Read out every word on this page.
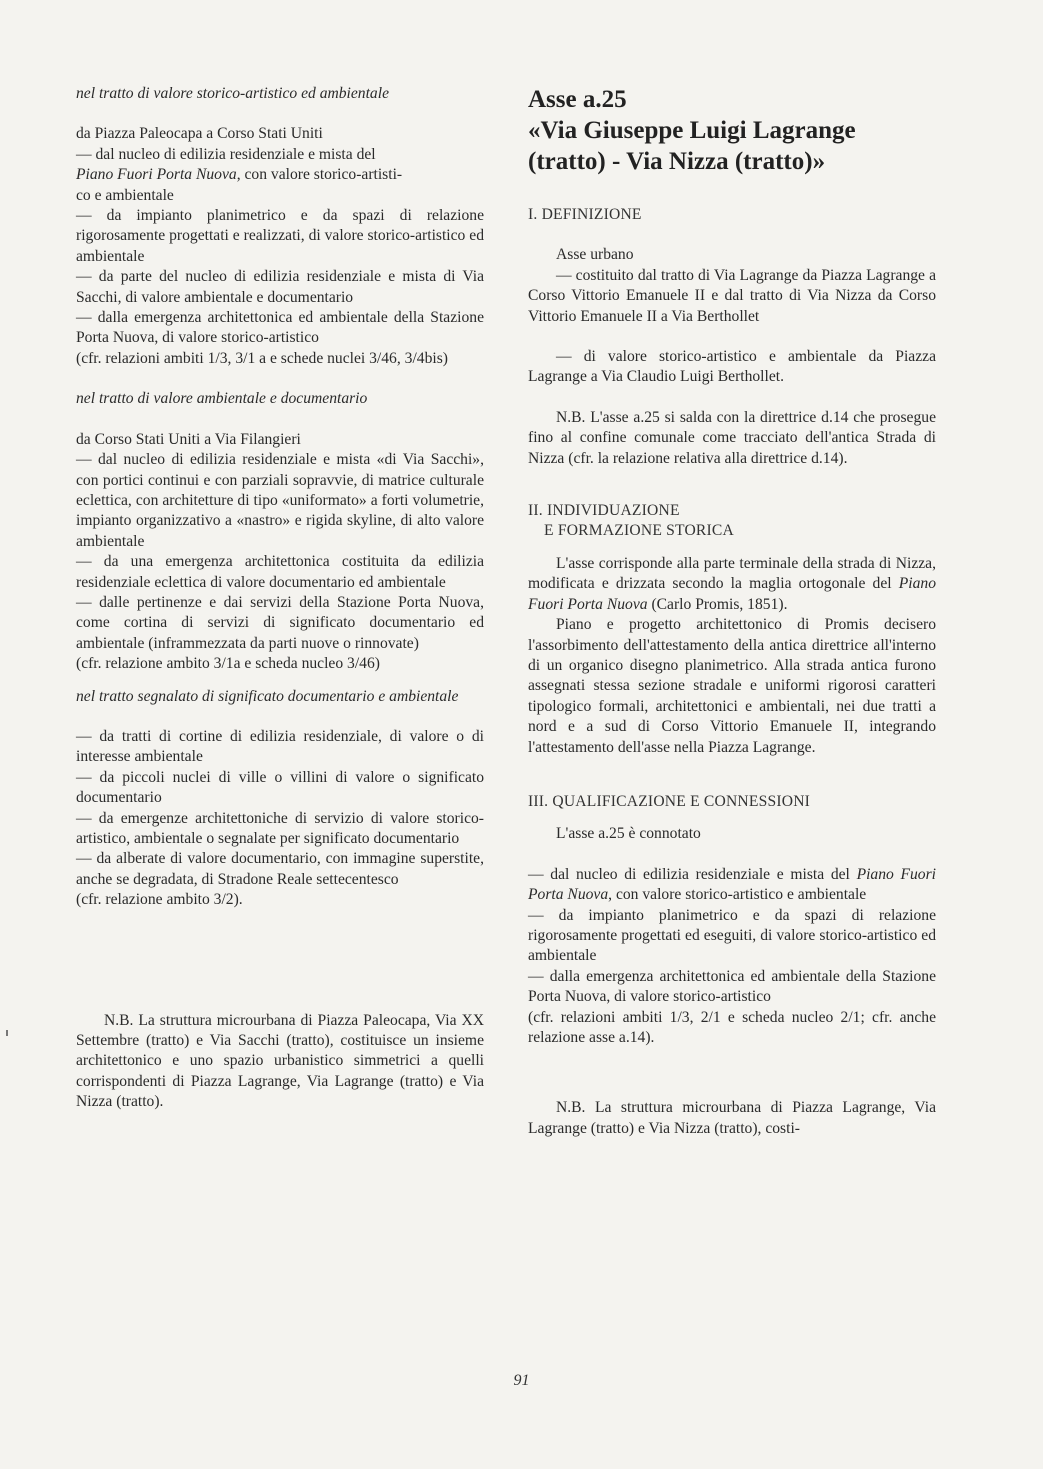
nel tratto di valore storico-artistico ed ambientale

da Piazza Paleocapa a Corso Stati Uniti

— dal nucleo di edilizia residenziale e mista del

Piano Fuori Porta Nuova, con valore storico-artisti-

co e ambientale

— da impianto planimetrico e da spazi di relazione rigorosamente progettati e realizzati, di valore storico-artistico ed ambientale

— da parte del nucleo di edilizia residenziale e mista di Via Sacchi, di valore ambientale e documentario

— dalla emergenza architettonica ed ambientale della Stazione Porta Nuova, di valore storico-artistico

(cfr. relazioni ambiti 1/3, 3/1 a e schede nuclei 3/46, 3/4bis)

nel tratto di valore ambientale e documentario

da Corso Stati Uniti a Via Filangieri

— dal nucleo di edilizia residenziale e mista «di Via Sacchi», con portici continui e con parziali sopravvie, di matrice culturale eclettica, con architetture di tipo «uniformato» a forti volumetrie, impianto organizzativo a «nastro» e rigida skyline, di alto valore ambientale

— da una emergenza architettonica costituita da edilizia residenziale eclettica di valore documentario ed ambientale

— dalle pertinenze e dai servizi della Stazione Porta Nuova, come cortina di servizi di significato documentario ed ambientale (inframmezzata da parti nuove o rinnovate)

(cfr. relazione ambito 3/1a e scheda nucleo 3/46)

nel tratto segnalato di significato documentario e ambientale

— da tratti di cortine di edilizia residenziale, di valore o di interesse ambientale

— da piccoli nuclei di ville o villini di valore o significato documentario

— da emergenze architettoniche di servizio di valore storico-artistico, ambientale o segnalate per significato documentario

— da alberate di valore documentario, con immagine superstite, anche se degradata, di Stradone Reale settecentesco

(cfr. relazione ambito 3/2).

N.B. La struttura microurbana di Piazza Paleocapa, Via XX Settembre (tratto) e Via Sacchi (tratto), costituisce un insieme architettonico e uno spazio urbanistico simmetrici a quelli corrispondenti di Piazza Lagrange, Via Lagrange (tratto) e Via Nizza (tratto).

Asse a.25
«Via Giuseppe Luigi Lagrange
(tratto) - Via Nizza (tratto)»

I. DEFINIZIONE

Asse urbano

— costituito dal tratto di Via Lagrange da Piazza Lagrange a Corso Vittorio Emanuele II e dal tratto di Via Nizza da Corso Vittorio Emanuele II a Via Berthollet

— di valore storico-artistico e ambientale da Piazza Lagrange a Via Claudio Luigi Berthollet.

N.B. L'asse a.25 si salda con la direttrice d.14 che prosegue fino al confine comunale come tracciato dell'antica Strada di Nizza (cfr. la relazione relativa alla direttrice d.14).

II. INDIVIDUAZIONE

E FORMAZIONE STORICA

L'asse corrisponde alla parte terminale della strada di Nizza, modificata e drizzata secondo la maglia ortogonale del Piano Fuori Porta Nuova (Carlo Promis, 1851).

Piano e progetto architettonico di Promis decisero l'assorbimento dell'attestamento della antica direttrice all'interno di un organico disegno planimetrico. Alla strada antica furono assegnati stessa sezione stradale e uniformi rigorosi caratteri tipologico formali, architettonici e ambientali, nei due tratti a nord e a sud di Corso Vittorio Emanuele II, integrando l'attestamento dell'asse nella Piazza Lagrange.

III. QUALIFICAZIONE E CONNESSIONI

L'asse a.25 è connotato

— dal nucleo di edilizia residenziale e mista del Piano Fuori Porta Nuova, con valore storico-artistico e ambientale

— da impianto planimetrico e da spazi di relazione rigorosamente progettati ed eseguiti, di valore storico-artistico ed ambientale

— dalla emergenza architettonica ed ambientale della Stazione Porta Nuova, di valore storico-artistico

(cfr. relazioni ambiti 1/3, 2/1 e scheda nucleo 2/1; cfr. anche relazione asse a.14).

N.B. La struttura microurbana di Piazza Lagrange, Via Lagrange (tratto) e Via Nizza (tratto), costi-

91
